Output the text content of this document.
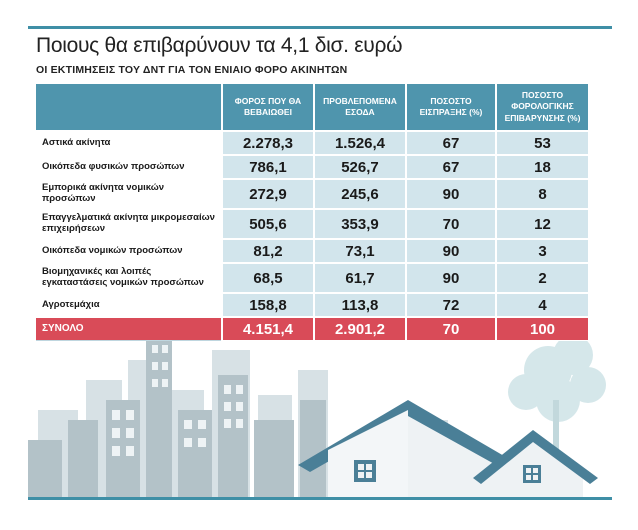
Ποιους θα επιβαρύνουν τα 4,1 δισ. ευρώ
ΟΙ ΕΚΤΙΜΗΣΕΙΣ ΤΟΥ ΔΝΤ ΓΙΑ ΤΟΝ ΕΝΙΑΙΟ ΦΟΡΟ ΑΚΙΝΗΤΩΝ
	ΦΟΡΟΣ ΠΟΥ ΘΑ ΒΕΒΑΙΩΘΕΙ	ΠΡΟΒΛΕΠΟΜΕΝΑ ΕΣΟΔΑ	ΠΟΣΟΣΤΟ ΕΙΣΠΡΑΞΗΣ (%)	ΠΟΣΟΣΤΟ ΦΟΡΟΛΟΓΙΚΗΣ ΕΠΙΒΑΡΥΝΣΗΣ (%)
Αστικά ακίνητα	2.278,3	1.526,4	67	53
Οικόπεδα φυσικών προσώπων	786,1	526,7	67	18
Εμπορικά ακίνητα νομικών προσώπων	272,9	245,6	90	8
Επαγγελματικά ακίνητα μικρομεσαίων επιχειρήσεων	505,6	353,9	70	12
Οικόπεδα νομικών προσώπων	81,2	73,1	90	3
Βιομηχανικές και λοιπές εγκαταστάσεις νομικών προσώπων	68,5	61,7	90	2
Αγροτεμάχια	158,8	113,8	72	4
ΣΥΝΟΛΟ	4.151,4	2.901,2	70	100
